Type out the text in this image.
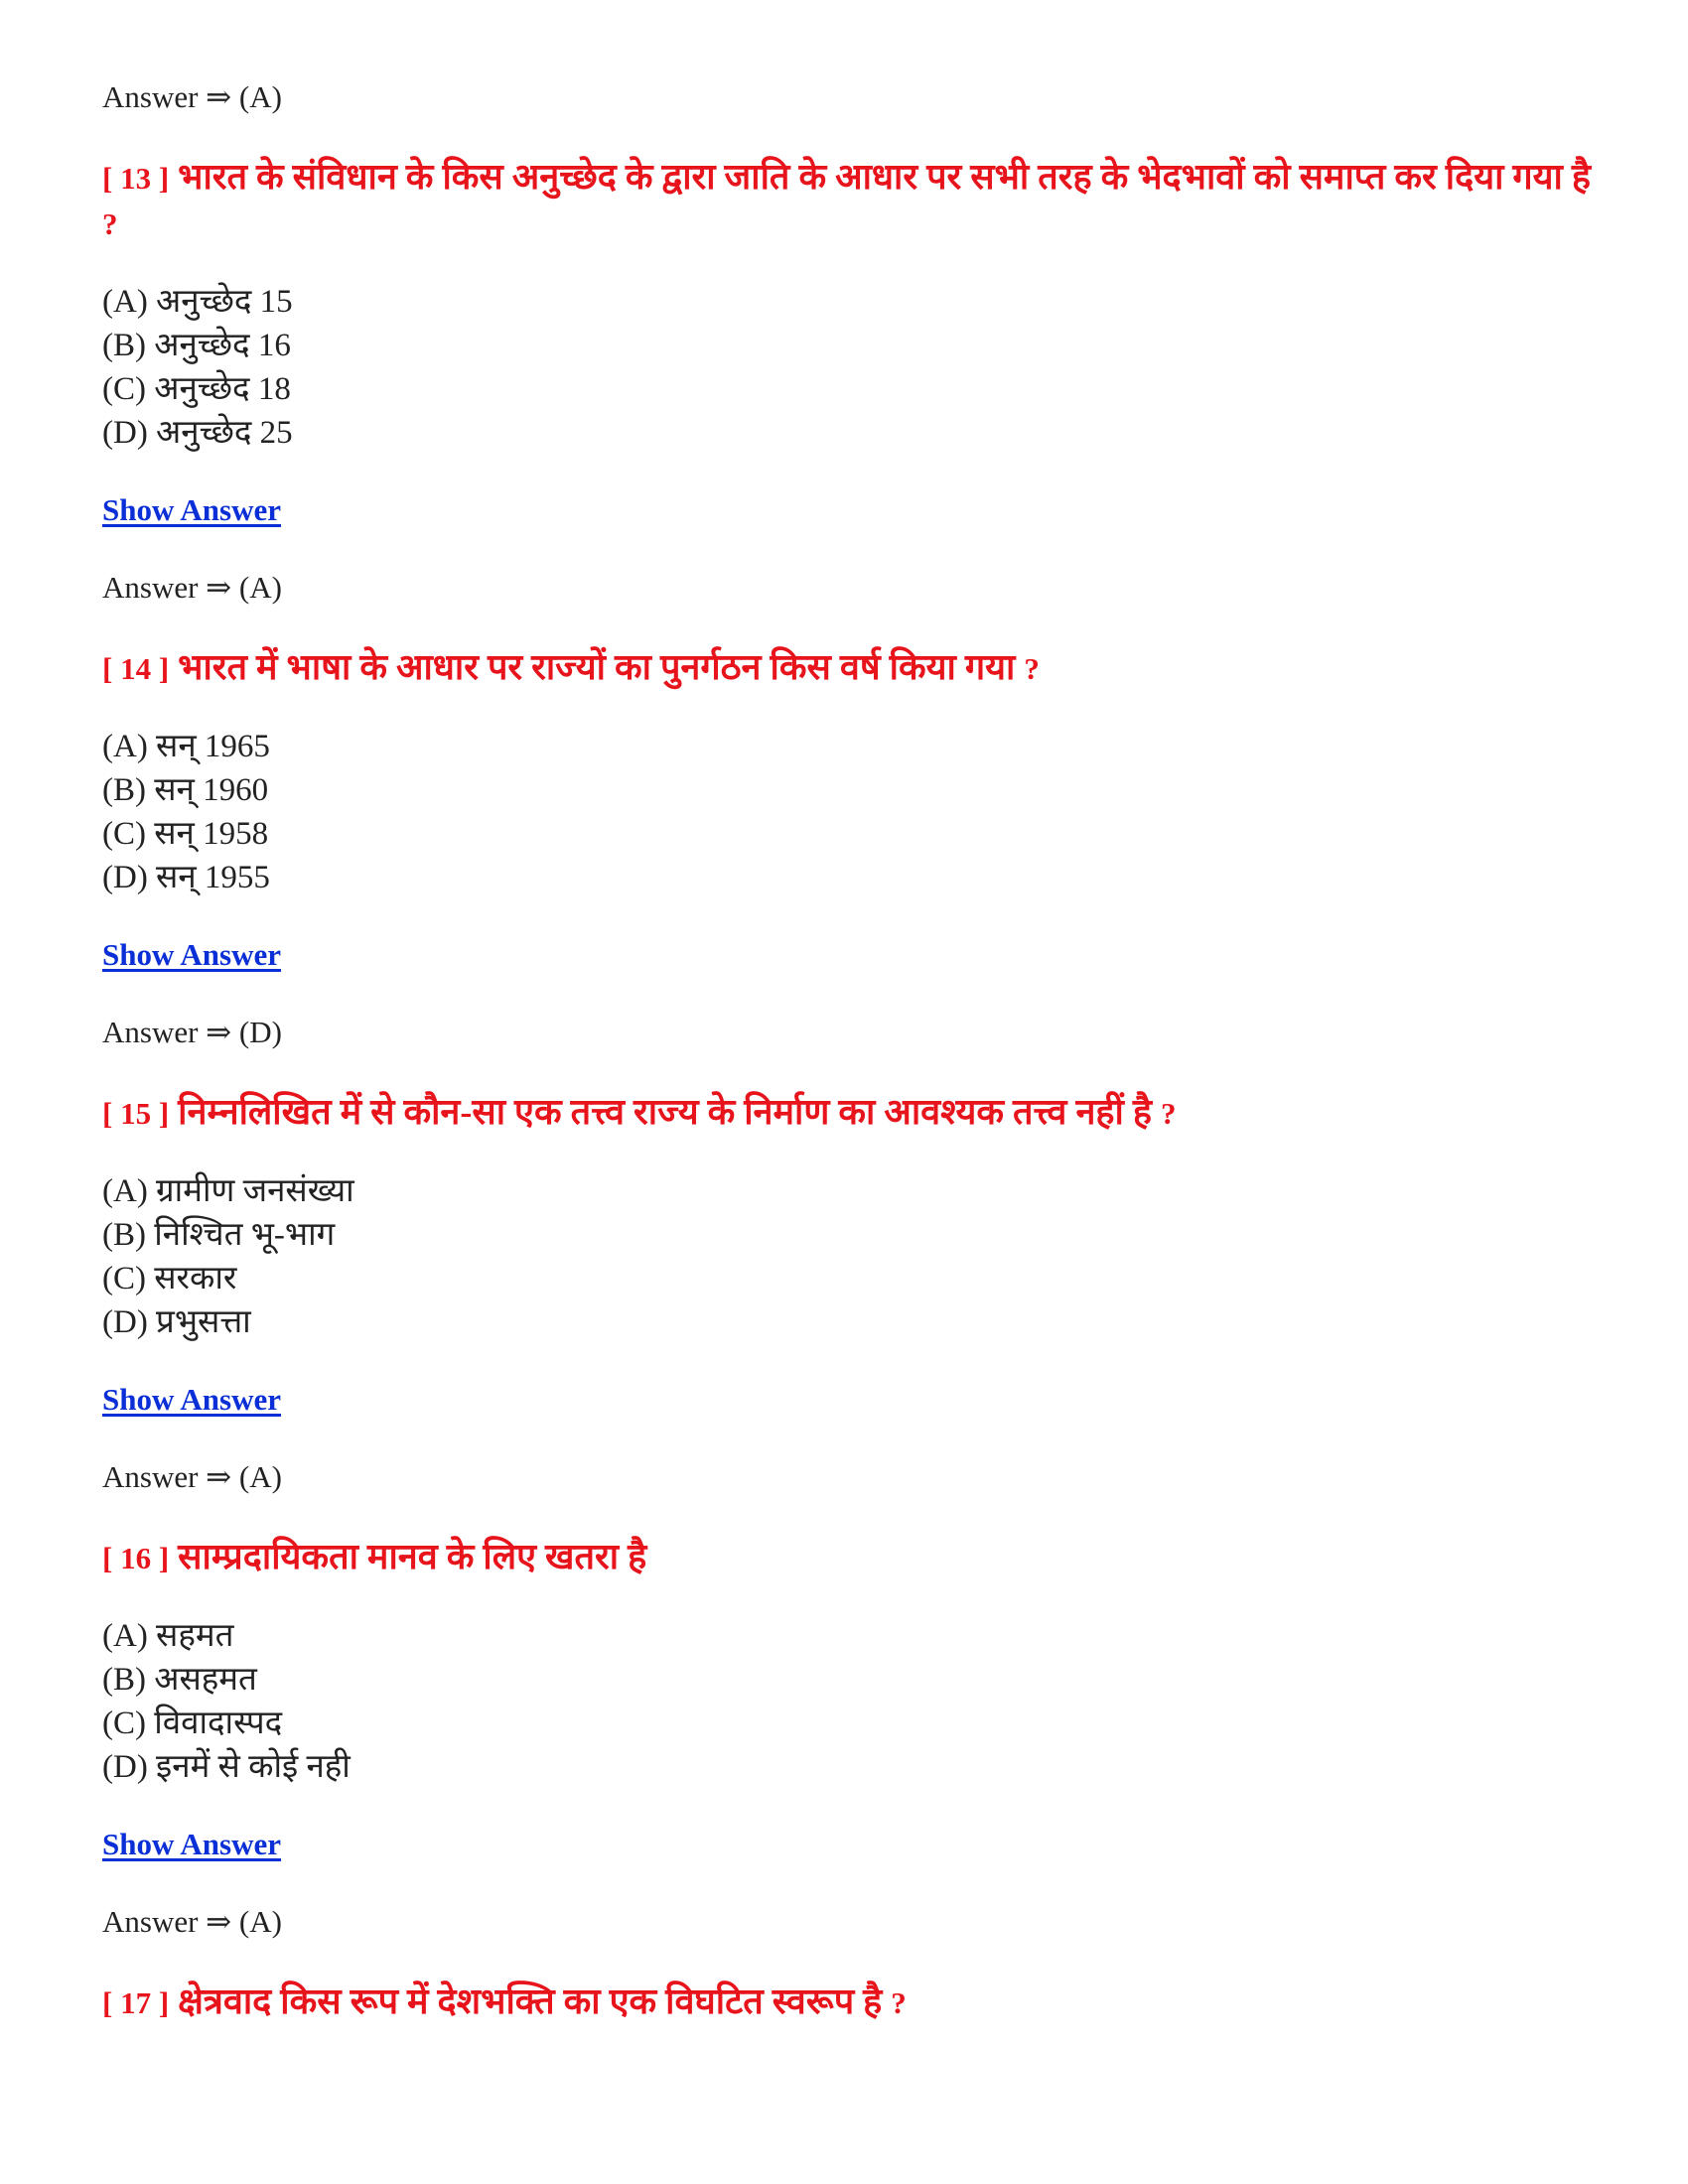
Answer ⇒ (A)

[ 13 ] भारत के संविधान के किस अनुच्छेद के द्वारा जाति के आधार पर सभी तरह के भेदभावों को समाप्त कर दिया गया है ?

(A) अनुच्छेद 15
(B) अनुच्छेद 16
(C) अनुच्छेद 18
(D) अनुच्छेद 25
Show Answer

Answer ⇒ (A)

[ 14 ] भारत में भाषा के आधार पर राज्यों का पुनर्गठन किस वर्ष किया गया ?

(A) सन् 1965
(B) सन् 1960
(C) सन् 1958
(D) सन् 1955
Show Answer

Answer ⇒ (D)

[ 15 ] निम्नलिखित में से कौन-सा एक तत्त्व राज्य के निर्माण का आवश्यक तत्त्व नहीं है ?

(A) ग्रामीण जनसंख्या
(B) निश्चित भू-भाग
(C) सरकार
(D) प्रभुसत्ता
Show Answer

Answer ⇒ (A)

[ 16 ] साम्प्रदायिकता मानव के लिए खतरा है

(A) सहमत
(B) असहमत
(C) विवादास्पद
(D) इनमें से कोई नही
Show Answer

Answer ⇒ (A)

[ 17 ] क्षेत्रवाद किस रूप में देशभक्ति का एक विघटित स्वरूप है ?
